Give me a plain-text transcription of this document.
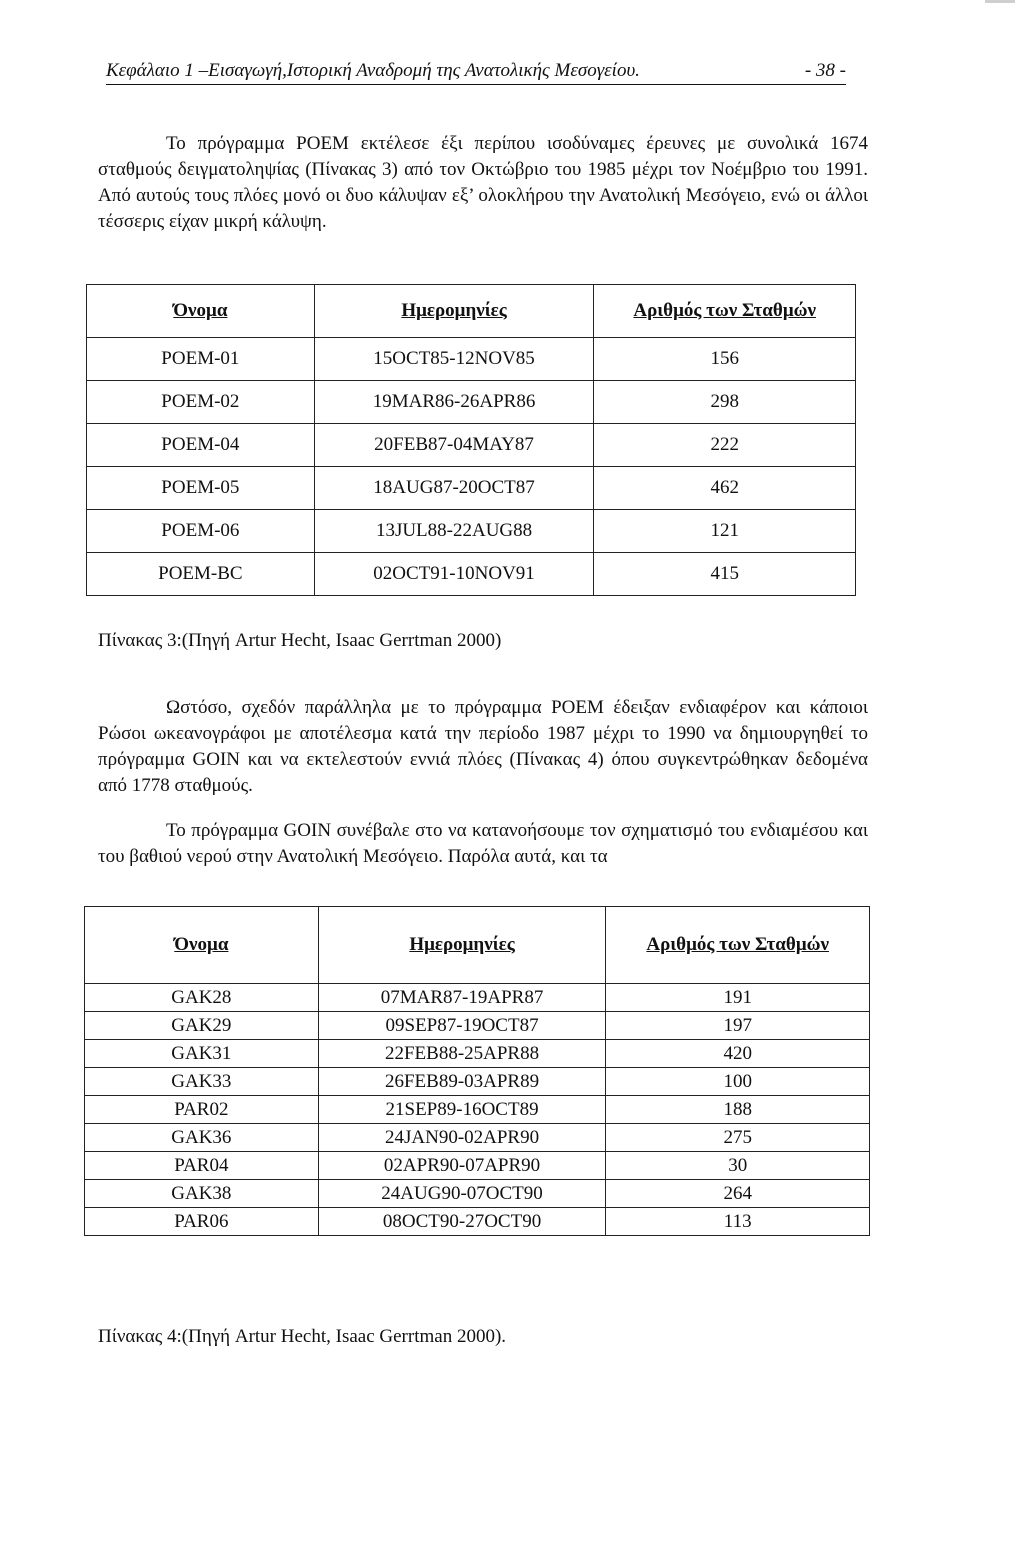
Κεφάλαιο 1 –Εισαγωγή,Ιστορική Αναδρομή της Ανατολικής Μεσογείου.	- 38 -

Το πρόγραμμα POEM εκτέλεσε έξι περίπου ισοδύναμες έρευνες με συνολικά 1674 σταθμούς δειγματοληψίας (Πίνακας 3) από τον Οκτώβριο του 1985 μέχρι τον Νοέμβριο του 1991. Από αυτούς τους πλόες μονό οι δυο κάλυψαν εξ’ ολοκλήρου την Ανατολική Μεσόγειο, ενώ οι άλλοι τέσσερις είχαν μικρή κάλυψη.

Όνομα	Ημερομηνίες	Αριθμός των Σταθμών
POEM-01	15OCT85-12NOV85	156
POEM-02	19MAR86-26APR86	298
POEM-04	20FEB87-04MAY87	222
POEM-05	18AUG87-20OCT87	462
POEM-06	13JUL88-22AUG88	121
POEM-BC	02OCT91-10NOV91	415

Πίνακας 3:(Πηγή Artur Hecht, Isaac Gerrtman 2000)

Ωστόσο, σχεδόν παράλληλα με το πρόγραμμα POEM έδειξαν ενδιαφέρον και κάποιοι Ρώσοι ωκεανογράφοι με αποτέλεσμα κατά την περίοδο 1987 μέχρι το 1990 να δημιουργηθεί το πρόγραμμα GOIN και να εκτελεστούν εννιά πλόες (Πίνακας 4) όπου συγκεντρώθηκαν δεδομένα από 1778 σταθμούς.

Το πρόγραμμα GOIN συνέβαλε στο να κατανοήσουμε τον σχηματισμό του ενδιαμέσου και του βαθιού νερού στην Ανατολική Μεσόγειο. Παρόλα αυτά, και τα

Όνομα	Ημερομηνίες	Αριθμός των Σταθμών
GAK28	07MAR87-19APR87	191
GAK29	09SEP87-19OCT87	197
GAK31	22FEB88-25APR88	420
GAK33	26FEB89-03APR89	100
PAR02	21SEP89-16OCT89	188
GAK36	24JAN90-02APR90	275
PAR04	02APR90-07APR90	30
GAK38	24AUG90-07OCT90	264
PAR06	08OCT90-27OCT90	113

Πίνακας 4:(Πηγή Artur Hecht, Isaac Gerrtman 2000).
